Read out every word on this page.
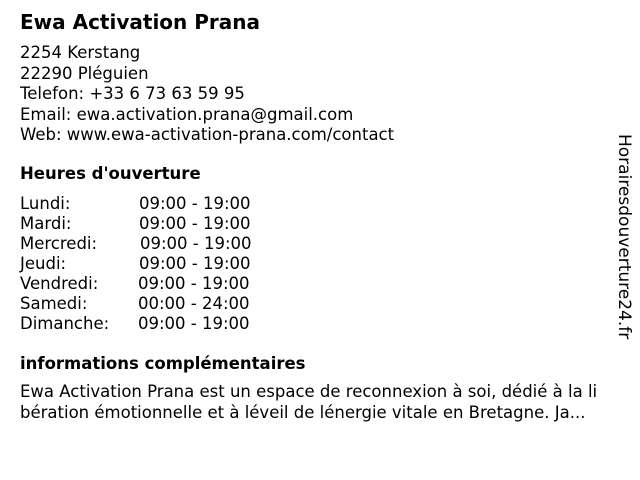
Ewa Activation Prana
2254 Kerstang
22290 Pléguien
Telefon: +33 6 73 63 59 95
Email: ewa.activation.prana@gmail.com
Web: www.ewa-activation-prana.com/contact
Heures d'ouverture
Lundi:	09:00 - 19:00
Mardi:	09:00 - 19:00
Mercredi:	09:00 - 19:00
Jeudi:	09:00 - 19:00
Vendredi: 09:00 - 19:00
Samedi:	00:00 - 24:00
Dimanche: 09:00 - 19:00
informations complémentaires
Ewa Activation Prana est un espace de reconnexion à soi, dédié à la li
bération émotionnelle et à léveil de lénergie vitale en Bretagne. Ja...
Horairesdouverture24.fr
